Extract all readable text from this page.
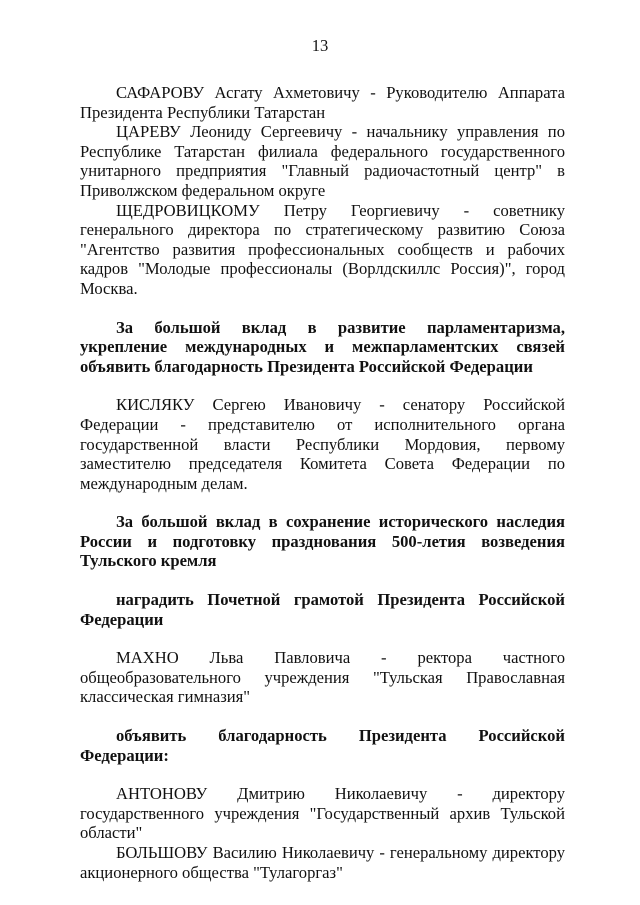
13

САФАРОВУ Асгату Ахметовичу - Руководителю Аппарата Президента Республики Татарстан

ЦАРЕВУ Леониду Сергеевичу - начальнику управления по Республике Татарстан филиала федерального государственного унитарного предприятия "Главный радиочастотный центр" в Приволжском федеральном округе

ЩЕДРОВИЦКОМУ Петру Георгиевичу - советнику генерального директора по стратегическому развитию Союза "Агентство развития профессиональных сообществ и рабочих кадров "Молодые профессионалы (Ворлдскиллс Россия)", город Москва.

За большой вклад в развитие парламентаризма, укрепление международных и межпарламентских связей объявить благодарность Президента Российской Федерации

КИСЛЯКУ Сергею Ивановичу - сенатору Российской Федерации - представителю от исполнительного органа государственной власти Республики Мордовия, первому заместителю председателя Комитета Совета Федерации по международным делам.

За большой вклад в сохранение исторического наследия России и подготовку празднования 500-летия возведения Тульского кремля

наградить Почетной грамотой Президента Российской Федерации

МАХНО Льва Павловича - ректора частного общеобразовательного учреждения "Тульская Православная классическая гимназия"

объявить благодарность Президента Российской Федерации:

АНТОНОВУ Дмитрию Николаевичу - директору государственного учреждения "Государственный архив Тульской области"

БОЛЬШОВУ Василию Николаевичу - генеральному директору акционерного общества "Тулагоргаз"
